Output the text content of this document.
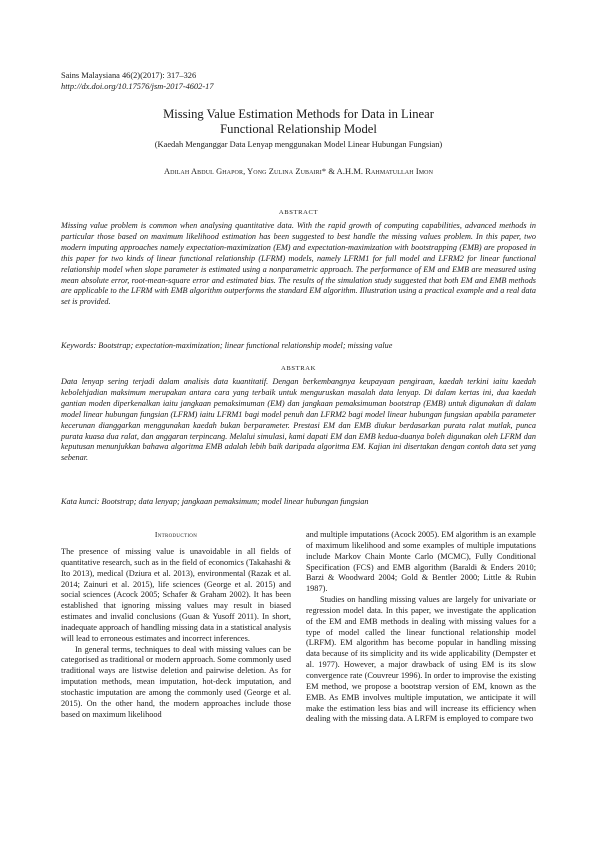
Sains Malaysiana 46(2)(2017): 317–326
http://dx.doi.org/10.17576/jsm-2017-4602-17
Missing Value Estimation Methods for Data in Linear
Functional Relationship Model
(Kaedah Menganggar Data Lenyap menggunakan Model Linear Hubungan Fungsian)
Adilah Abdul Ghapor, Yong Zulina Zubairi* & A.H.M. Rahmatullah Imon
ABSTRACT
Missing value problem is common when analysing quantitative data. With the rapid growth of computing capabilities, advanced methods in particular those based on maximum likelihood estimation has been suggested to best handle the missing values problem. In this paper, two modern imputing approaches namely expectation-maximization (EM) and expectation-maximization with bootstrapping (EMB) are proposed in this paper for two kinds of linear functional relationship (LFRM) models, namely LFRM1 for full model and LFRM2 for linear functional relationship model when slope parameter is estimated using a nonparametric approach. The performance of EM and EMB are measured using mean absolute error, root-mean-square error and estimated bias. The results of the simulation study suggested that both EM and EMB methods are applicable to the LFRM with EMB algorithm outperforms the standard EM algorithm. Illustration using a practical example and a real data set is provided.
Keywords: Bootstrap; expectation-maximization; linear functional relationship model; missing value
ABSTRAK
Data lenyap sering terjadi dalam analisis data kuantitatif. Dengan berkembangnya keupayaan pengiraan, kaedah terkini iaitu kaedah kebolehjadian maksimum merupakan antara cara yang terbaik untuk menguruskan masalah data lenyap. Di dalam kertas ini, dua kaedah gantian moden diperkenalkan iaitu jangkaan pemaksimuman (EM) dan jangkaan pemaksimuman bootstrap (EMB) untuk digunakan di dalam model linear hubungan fungsian (LFRM) iaitu LFRM1 bagi model penuh dan LFRM2 bagi model linear hubungan fungsian apabila parameter kecerunan dianggarkan menggunakan kaedah bukan berparameter. Prestasi EM dan EMB diukur berdasarkan purata ralat mutlak, punca purata kuasa dua ralat, dan anggaran terpincang. Melalui simulasi, kami dapati EM dan EMB kedua-duanya boleh digunakan oleh LFRM dan keputusan menunjukkan bahawa algoritma EMB adalah lebih baik daripada algoritma EM. Kajian ini disertakan dengan contoh data set yang sebenar.
Kata kunci: Bootstrap; data lenyap; jangkaan pemaksimum; model linear hubungan fungsian
Introduction

The presence of missing value is unavoidable in all fields of quantitative research, such as in the field of economics (Takahashi & Ito 2013), medical (Dziura et al. 2013), environmental (Razak et al. 2014; Zainuri et al. 2015), life sciences (George et al. 2015) and social sciences (Acock 2005; Schafer & Graham 2002). It has been established that ignoring missing values may result in biased estimates and invalid conclusions (Guan & Yusoff 2011). In short, inadequate approach of handling missing data in a statistical analysis will lead to erroneous estimates and incorrect inferences.

In general terms, techniques to deal with missing values can be categorised as traditional or modern approach. Some commonly used traditional ways are listwise deletion and pairwise deletion. As for imputation methods, mean imputation, hot-deck imputation, and stochastic imputation are among the commonly used (George et al. 2015). On the other hand, the modern approaches include those based on maximum likelihood

and multiple imputations (Acock 2005). EM algorithm is an example of maximum likelihood and some examples of multiple imputations include Markov Chain Monte Carlo (MCMC), Fully Conditional Specification (FCS) and EMB algorithm (Baraldi & Enders 2010; Barzi & Woodward 2004; Gold & Bentler 2000; Little & Rubin 1987).

Studies on handling missing values are largely for univariate or regression model data. In this paper, we investigate the application of the EM and EMB methods in dealing with missing values for a type of model called the linear functional relationship model (LRFM). EM algorithm has become popular in handling missing data because of its simplicity and its wide applicability (Dempster et al. 1977). However, a major drawback of using EM is its slow convergence rate (Couvreur 1996). In order to improvise the existing EM method, we propose a bootstrap version of EM, known as the EMB. As EMB involves multiple imputation, we anticipate it will make the estimation less bias and will increase its efficiency when dealing with the missing data. A LRFM is employed to compare two
